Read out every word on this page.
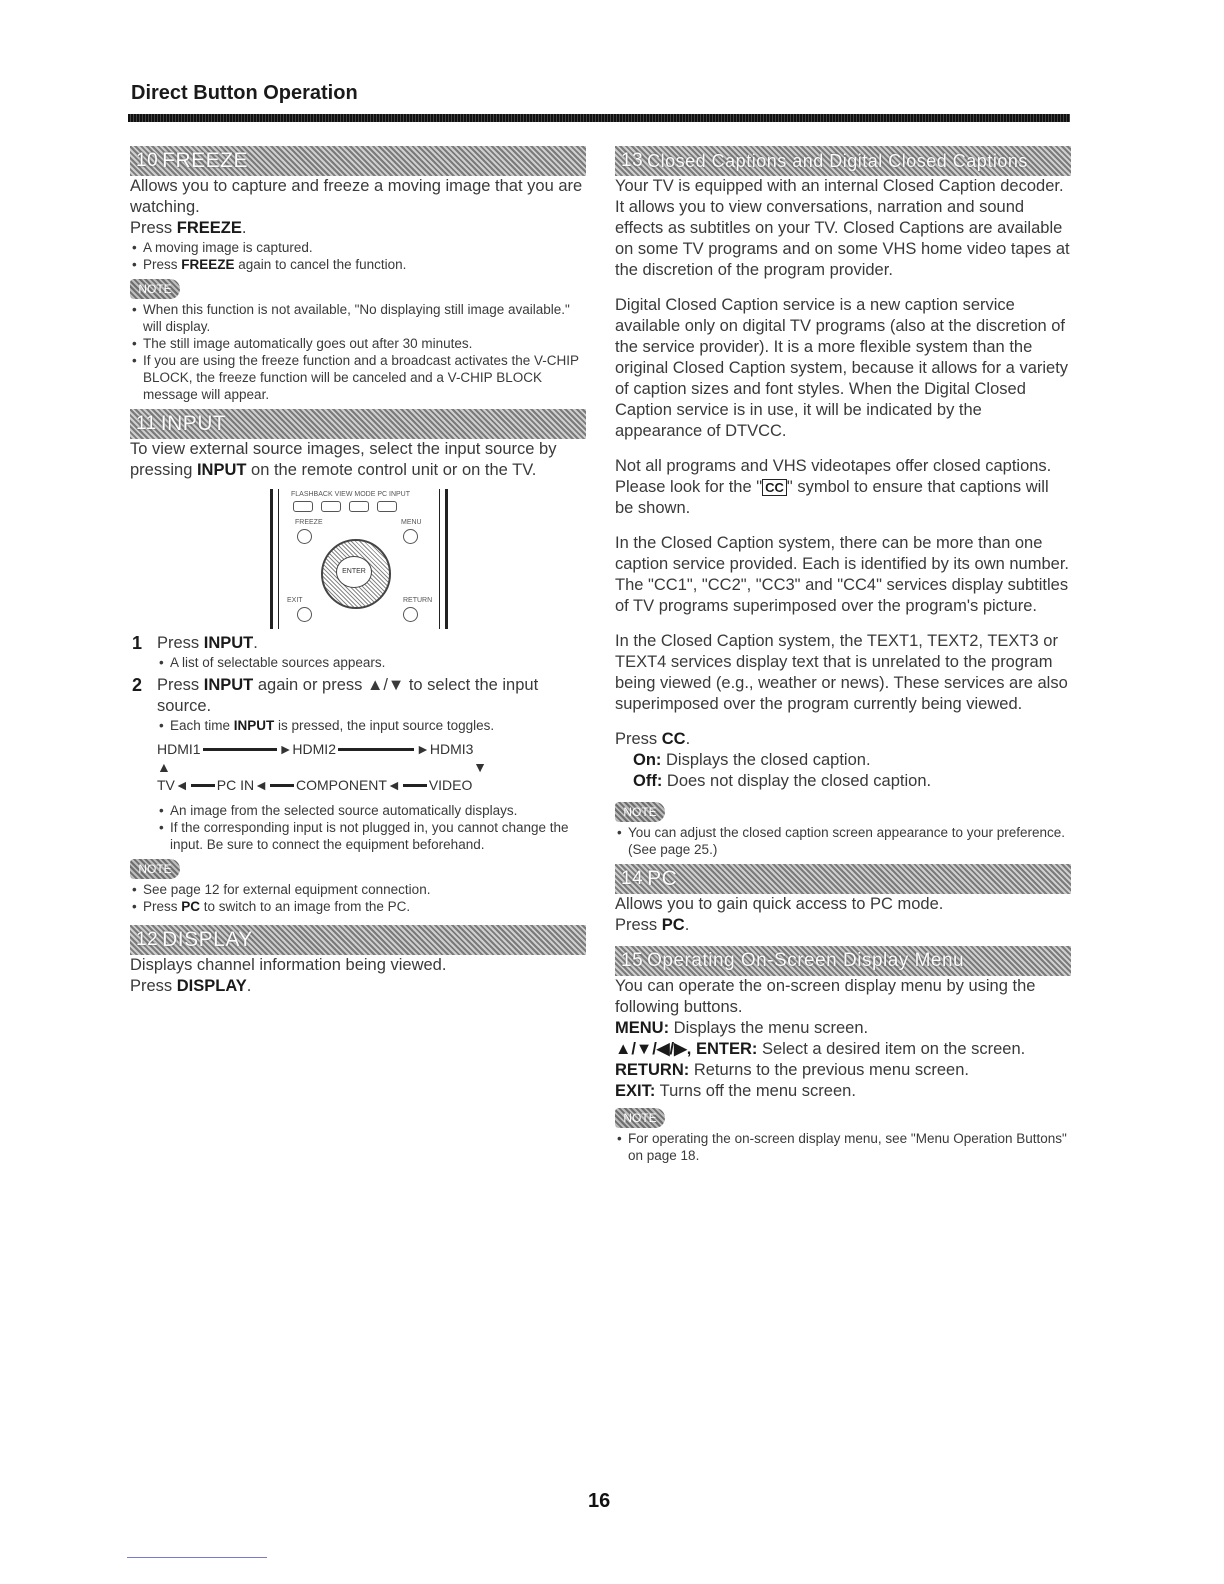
Direct Button Operation
10 FREEZE

Allows you to capture and freeze a moving image that you are watching.

Press FREEZE.

• A moving image is captured.
• Press FREEZE again to cancel the function.
NOTE
• When this function is not available, "No displaying still image available." will display.
• The still image automatically goes out after 30 minutes.
• If you are using the freeze function and a broadcast activates the V-CHIP BLOCK, the freeze function will be canceled and a V-CHIP BLOCK message will appear.
11 INPUT

To view external source images, select the input source by pressing INPUT on the remote control unit or on the TV.

FLASHBACK VIEW MODE PC INPUT
FREEZE	MENU
ENTER
EXIT	RETURN
1 Press INPUT.
• A list of selectable sources appears.
2 Press INPUT again or press ▲/▼ to select the input source.
• Each time INPUT is pressed, the input source toggles.
HDMI1	► HDMI2	► HDMI3
▲	▼
TV ◄ PC IN ◄ COMPONENT ◄ VIDEO
• An image from the selected source automatically displays.
• If the corresponding input is not plugged in, you cannot change the input. Be sure to connect the equipment beforehand.
NOTE
• See page 12 for external equipment connection.
• Press PC to switch to an image from the PC.
12 DISPLAY

Displays channel information being viewed.

Press DISPLAY.

13 Closed Captions and Digital Closed Captions

Your TV is equipped with an internal Closed Caption decoder. It allows you to view conversations, narration and sound effects as subtitles on your TV. Closed Captions are available on some TV programs and on some VHS home video tapes at the discretion of the program provider.

Digital Closed Caption service is a new caption service available only on digital TV programs (also at the discretion of the service provider). It is a more flexible system than the original Closed Caption system, because it allows for a variety of caption sizes and font styles. When the Digital Closed Caption service is in use, it will be indicated by the appearance of DTVCC.

Not all programs and VHS videotapes offer closed captions. Please look for the " CC " symbol to ensure that captions will be shown.

In the Closed Caption system, there can be more than one caption service provided. Each is identified by its own number. The "CC1", "CC2", "CC3" and "CC4" services display subtitles of TV programs superimposed over the program's picture.

In the Closed Caption system, the TEXT1, TEXT2, TEXT3 or TEXT4 services display text that is unrelated to the program being viewed (e.g., weather or news). These services are also superimposed over the program currently being viewed.

Press CC.

On: Displays the closed caption.

Off: Does not display the closed caption.

NOTE
• You can adjust the closed caption screen appearance to your preference. (See page 25.)
14 PC

Allows you to gain quick access to PC mode.

Press PC.

15 Operating On-Screen Display Menu

You can operate the on-screen display menu by using the following buttons.

MENU: Displays the menu screen.

▲/▼/◀/▶, ENTER: Select a desired item on the screen.

RETURN: Returns to the previous menu screen.

EXIT: Turns off the menu screen.

NOTE
• For operating the on-screen display menu, see "Menu Operation Buttons" on page 18.
16
